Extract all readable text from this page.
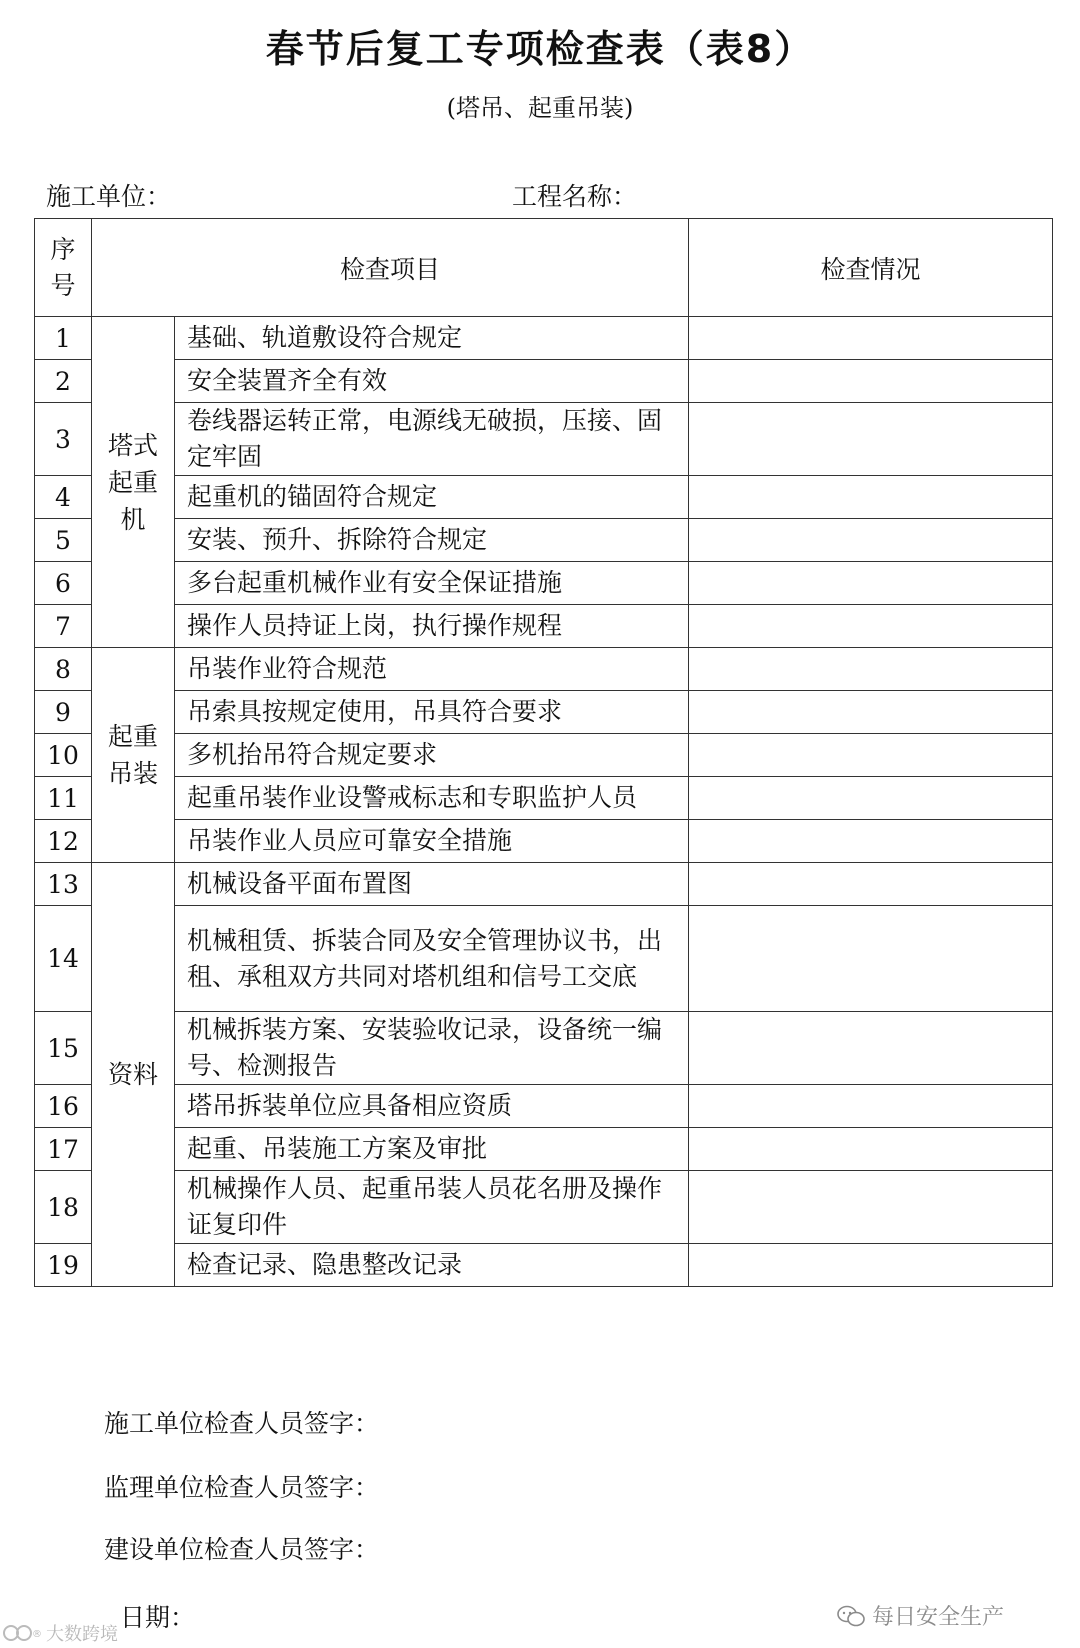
春节后复工专项检查表（表8）
(塔吊、起重吊装)
施工单位：	工程名称：
序号	检查项目		检查情况
1	塔式起重机	基础、轨道敷设符合规定	
2		安全装置齐全有效	
3		卷线器运转正常，电源线无破损，压接、固定牢固	
4		起重机的锚固符合规定	
5		安装、预升、拆除符合规定	
6		多台起重机械作业有安全保证措施	
7		操作人员持证上岗，执行操作规程	
8	起重吊装	吊装作业符合规范	
9		吊索具按规定使用，吊具符合要求	
10		多机抬吊符合规定要求	
11		起重吊装作业设警戒标志和专职监护人员	
12		吊装作业人员应可靠安全措施	
13	资料	机械设备平面布置图	
14		机械租赁、拆装合同及安全管理协议书，出租、承租双方共同对塔机组和信号工交底	
15		机械拆装方案、安装验收记录，设备统一编号、检测报告	
16		塔吊拆装单位应具备相应资质	
17		起重、吊装施工方案及审批	
18		机械操作人员、起重吊装人员花名册及操作证复印件	
19		检查记录、隐患整改记录	
施工单位检查人员签字：
监理单位检查人员签字：
建设单位检查人员签字：
日期：	每日安全生产
® 大数跨境
